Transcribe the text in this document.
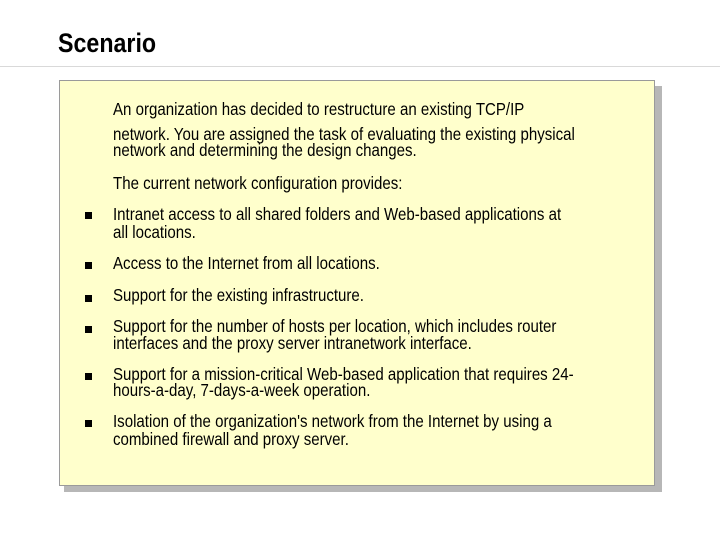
Scenario
An organization has decided to restructure an existing TCP/IP
network. You are assigned the task of evaluating the existing physical
network and determining the design changes.
The current network configuration provides:
Intranet access to all shared folders and Web-based applications at
all locations.
Access to the Internet from all locations.
Support for the existing infrastructure.
Support for the number of hosts per location, which includes router
interfaces and the proxy server intranetwork interface.
Support for a mission-critical Web-based application that requires 24-
hours-a-day, 7-days-a-week operation.
Isolation of the organization's network from the Internet by using a
combined firewall and proxy server.
